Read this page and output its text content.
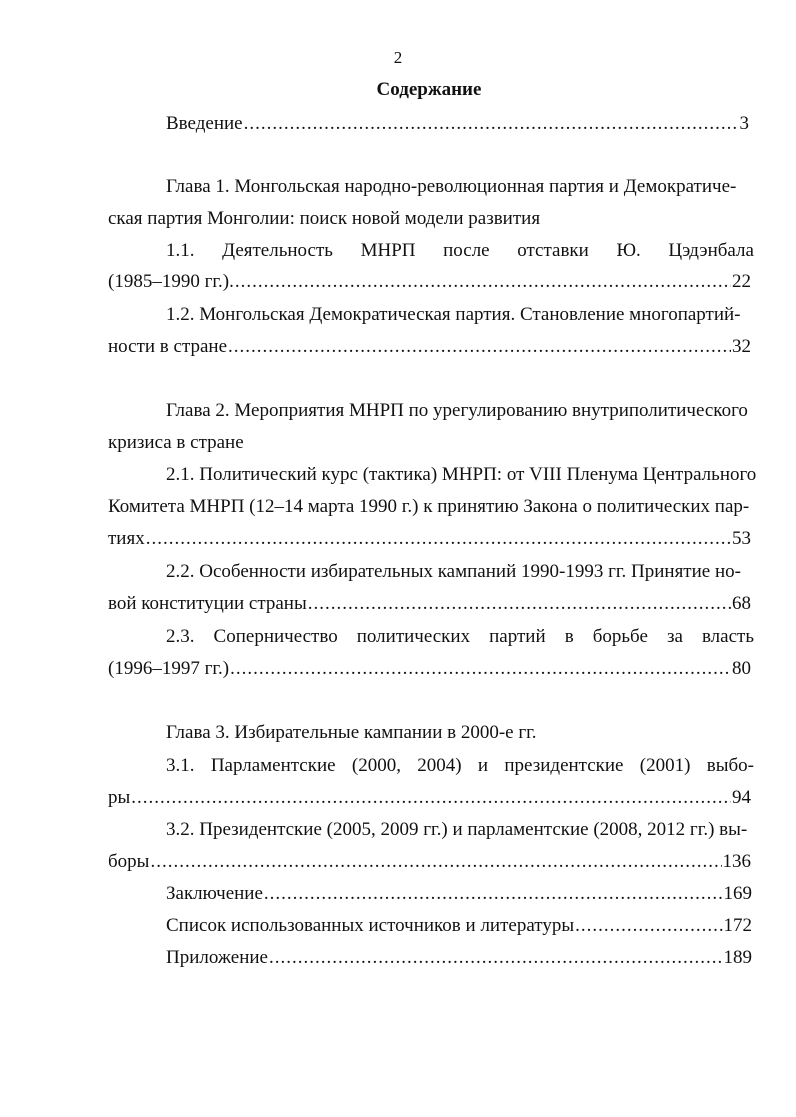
2
Содержание
Введение .....	3
Глава 1. Монгольская народно-революционная партия и Демократиче-
ская партия Монголии: поиск новой модели развития
1.1. Деятельность МНРП после отставки Ю. Цэдэнбала
(1985–1990 гг.). .....	22
1.2. Монгольская Демократическая партия. Становление многопартий-
ности в стране .....	32
Глава 2. Мероприятия МНРП по урегулированию внутриполитического
кризиса в стране
2.1. Политический курс (тактика) МНРП: от VIII Пленума Центрального
Комитета МНРП (12–14 марта 1990 г.) к принятию Закона о политических пар-
тиях .....	53
2.2. Особенности избирательных кампаний 1990-1993 гг. Принятие но-
вой конституции страны .....	68
2.3. Соперничество политических партий в борьбе за власть
(1996–1997 гг.) .....	80
Глава 3. Избирательные кампании в 2000-е гг.
3.1. Парламентские (2000, 2004) и президентские (2001) выбо-
ры .....	94
3.2. Президентские (2005, 2009 гг.) и парламентские (2008, 2012 гг.) вы-
боры .....	136
Заключение .....	169
Список использованных источников и литературы .....	172
Приложение .....	189
